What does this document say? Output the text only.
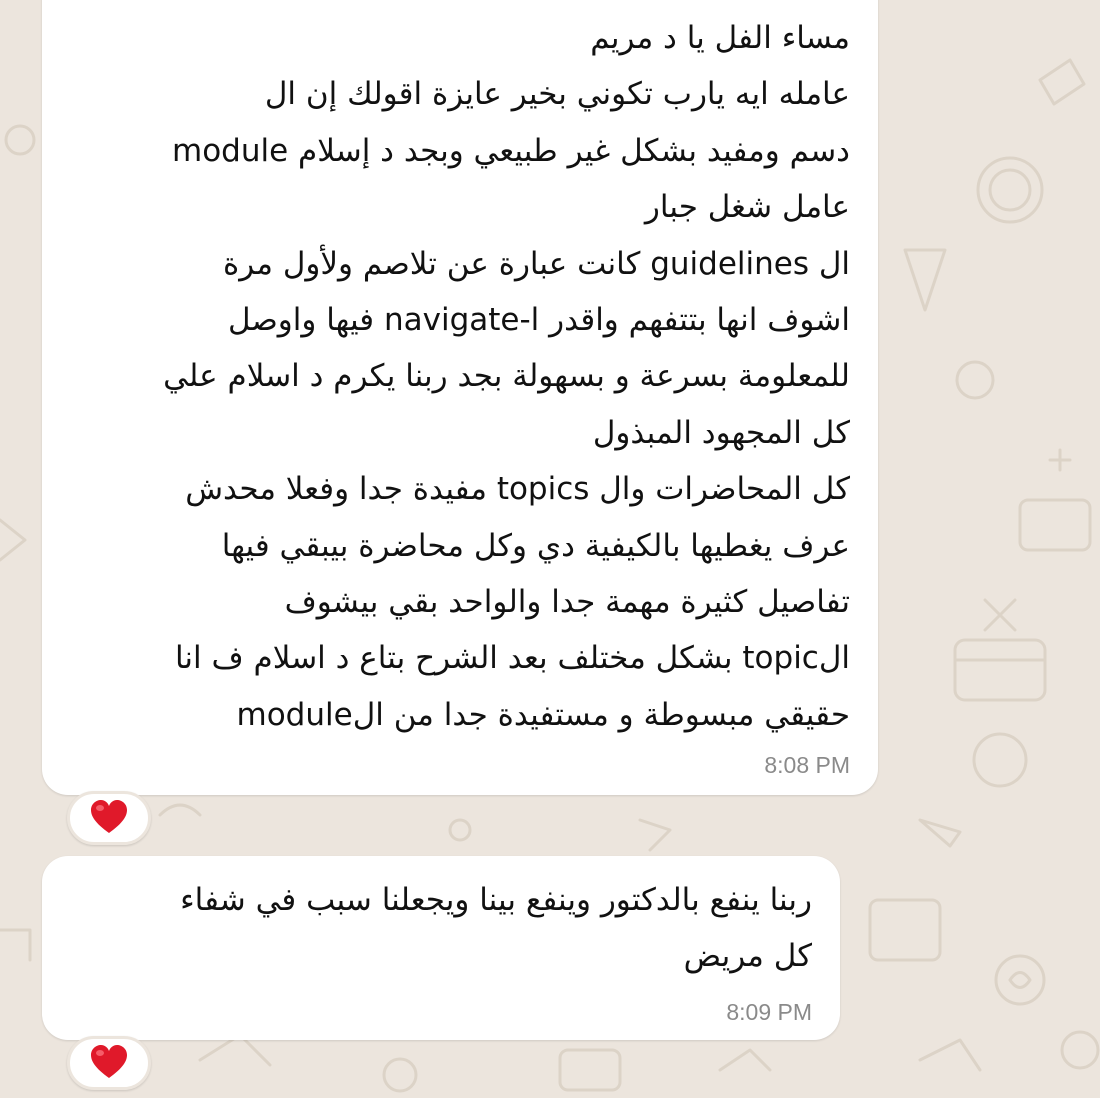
مساء الفل يا د مريم
عامله ايه يارب تكوني بخير عايزة اقولك إن ال
module دسم ومفيد بشكل غير طبيعي وبجد د إسلام
عامل شغل جبار
ال guidelines كانت عبارة عن تلاصم ولأول مرة
اشوف انها بتتفهم واقدر ا-navigate فيها واوصل
للمعلومة بسرعة و بسهولة بجد ربنا يكرم د اسلام علي
كل المجهود المبذول
كل المحاضرات وال topics مفيدة جدا وفعلا محدش
عرف يغطيها بالكيفية دي وكل محاضرة بيبقي فيها
تفاصيل كثيرة مهمة جدا والواحد بقي بيشوف
الtopic بشكل مختلف بعد الشرح بتاع د اسلام ف انا
حقيقي مبسوطة و مستفيدة جدا من الmodule
8:08 PM
ربنا ينفع بالدكتور وينفع بينا ويجعلنا سبب في شفاء
كل مريض
8:09 PM
